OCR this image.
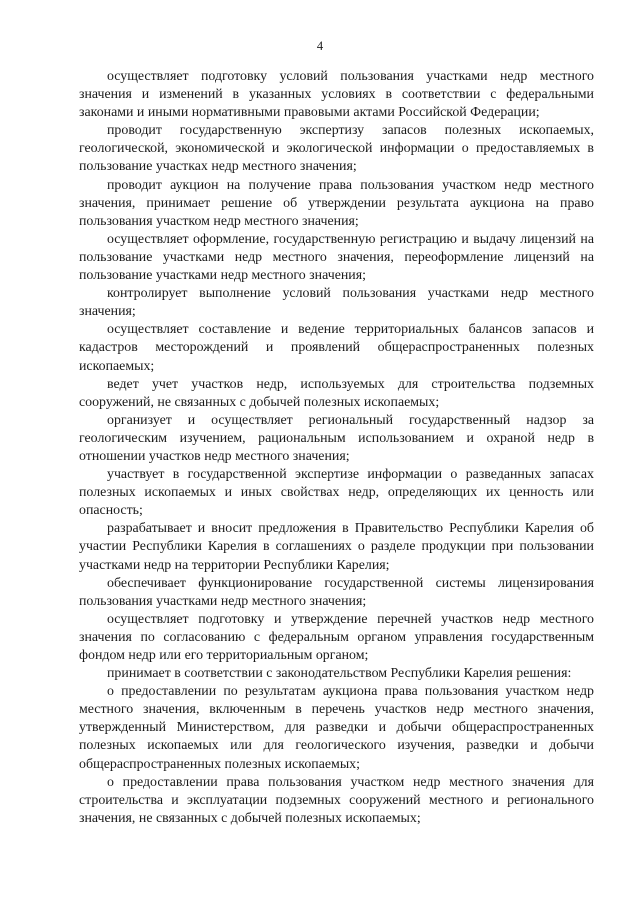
4

осуществляет подготовку условий пользования участками недр местного значения и изменений в указанных условиях в соответствии с федеральными законами и иными нормативными правовыми актами Российской Федерации;

проводит государственную экспертизу запасов полезных ископаемых, геологической, экономической и экологической информации о предоставляемых в пользование участках недр местного значения;

проводит аукцион на получение права пользования участком недр местного значения, принимает решение об утверждении результата аукциона на право пользования участком недр местного значения;

осуществляет оформление, государственную регистрацию и выдачу лицензий на пользование участками недр местного значения, переоформление лицензий на пользование участками недр местного значения;

контролирует выполнение условий пользования участками недр местного значения;

осуществляет составление и ведение территориальных балансов запасов и кадастров месторождений и проявлений общераспространенных полезных ископаемых;

ведет учет участков недр, используемых для строительства подземных сооружений, не связанных с добычей полезных ископаемых;

организует и осуществляет региональный государственный надзор за геологическим изучением, рациональным использованием и охраной недр в отношении участков недр местного значения;

участвует в государственной экспертизе информации о разведанных запасах полезных ископаемых и иных свойствах недр, определяющих их ценность или опасность;

разрабатывает и вносит предложения в Правительство Республики Карелия об участии Республики Карелия в соглашениях о разделе продукции при пользовании участками недр на территории Республики Карелия;

обеспечивает функционирование государственной системы лицензирования пользования участками недр местного значения;

осуществляет подготовку и утверждение перечней участков недр местного значения по согласованию с федеральным органом управления государственным фондом недр или его территориальным органом;

принимает в соответствии с законодательством Республики Карелия решения:

о предоставлении по результатам аукциона права пользования участком недр местного значения, включенным в перечень участков недр местного значения, утвержденный Министерством, для разведки и добычи общераспространенных полезных ископаемых или для геологического изучения, разведки и добычи общераспространенных полезных ископаемых;

о предоставлении права пользования участком недр местного значения для строительства и эксплуатации подземных сооружений местного и регионального значения, не связанных с добычей полезных ископаемых;
